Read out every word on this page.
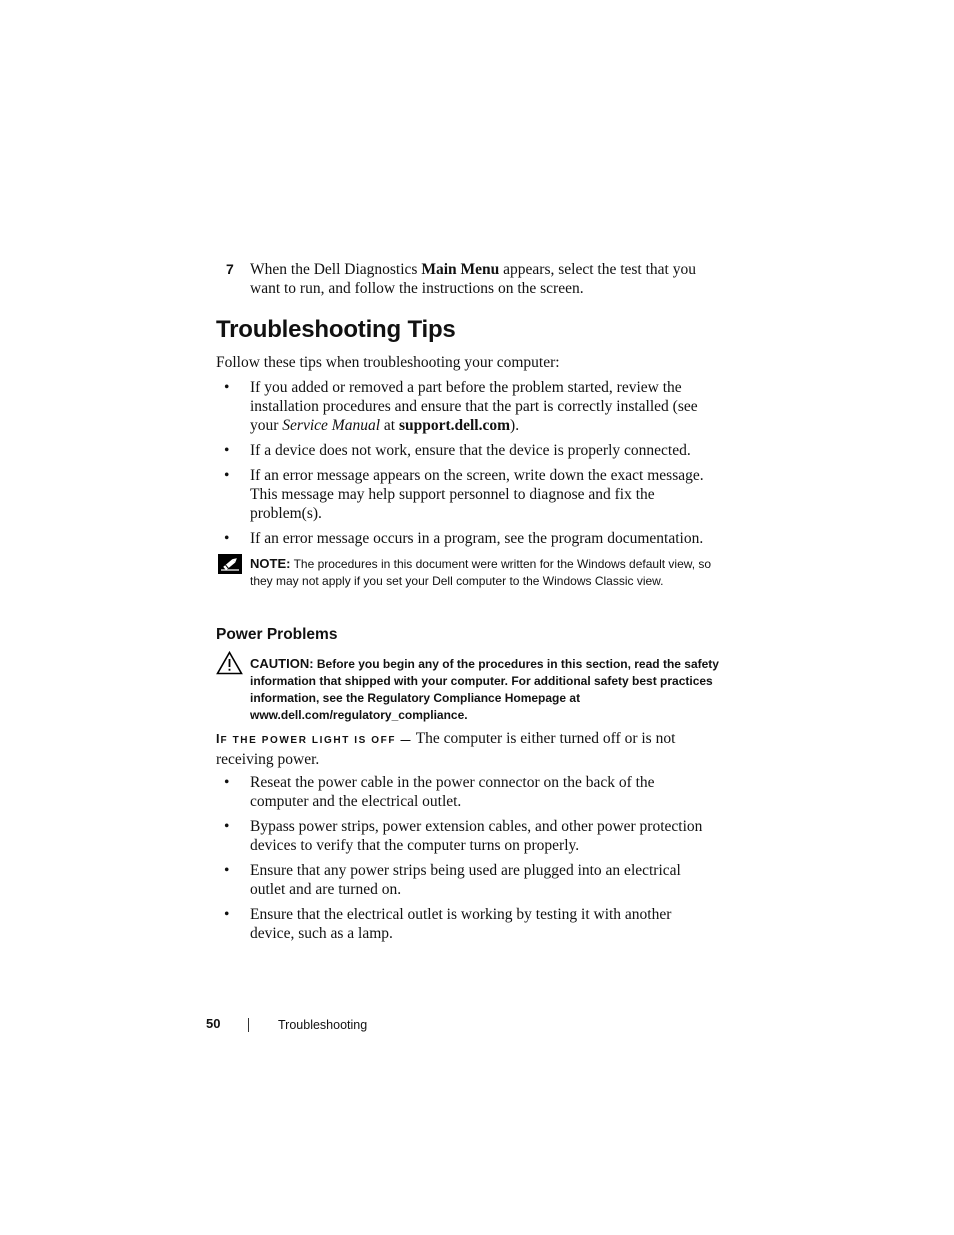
7 When the Dell Diagnostics Main Menu appears, select the test that you want to run, and follow the instructions on the screen.
Troubleshooting Tips
Follow these tips when troubleshooting your computer:
• If you added or removed a part before the problem started, review the installation procedures and ensure that the part is correctly installed (see your Service Manual at support.dell.com).
• If a device does not work, ensure that the device is properly connected.
• If an error message appears on the screen, write down the exact message. This message may help support personnel to diagnose and fix the problem(s).
• If an error message occurs in a program, see the program documentation.
NOTE: The procedures in this document were written for the Windows default view, so they may not apply if you set your Dell computer to the Windows Classic view.
Power Problems
CAUTION: Before you begin any of the procedures in this section, read the safety information that shipped with your computer. For additional safety best practices information, see the Regulatory Compliance Homepage at www.dell.com/regulatory_compliance.
IF THE POWER LIGHT IS OFF — The computer is either turned off or is not receiving power.
• Reseat the power cable in the power connector on the back of the computer and the electrical outlet.
• Bypass power strips, power extension cables, and other power protection devices to verify that the computer turns on properly.
• Ensure that any power strips being used are plugged into an electrical outlet and are turned on.
• Ensure that the electrical outlet is working by testing it with another device, such as a lamp.
50	Troubleshooting
